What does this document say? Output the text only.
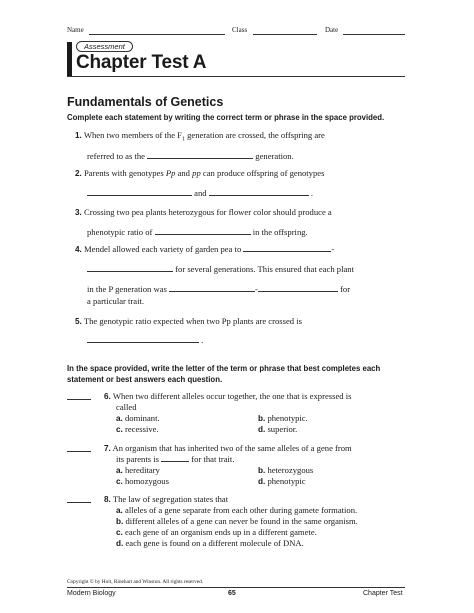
Name	Class	Date
Assessment
Chapter Test A
Fundamentals of Genetics
Complete each statement by writing the correct term or phrase in the space provided.
1. When two members of the $F_1$ generation are crossed, the offspring are
referred to as the	generation.
2. Parents with genotypes Pp and pp can produce offspring of genotypes
and	.
3. Crossing two pea plants heterozygous for flower color should produce a
phenotypic ratio of	in the offspring.
4. Mendel allowed each variety of garden pea to	-
for several generations. This ensured that each plant
in the P generation was	-	for
a particular trait.
5. The genotypic ratio expected when two Pp plants are crossed is
.
In the space provided, write the letter of the term or phrase that best completes each statement or best answers each question.
6. When two different alleles occur together, the one that is expressed is
called
a. dominant.	b. phenotypic.
c. recessive.	d. superior.
7. An organism that has inherited two of the same alleles of a gene from
its parents is	for that trait.
a. hereditary	b. heterozygous
c. homozygous	d. phenotypic
8. The law of segregation states that
a. alleles of a gene separate from each other during gamete formation.
b. different alleles of a gene can never be found in the same organism.
c. each gene of an organism ends up in a different gamete.
d. each gene is found on a different molecule of DNA.
Copyright © by Holt, Rinehart and Winston. All rights reserved.
Modern Biology	65	Chapter Test
